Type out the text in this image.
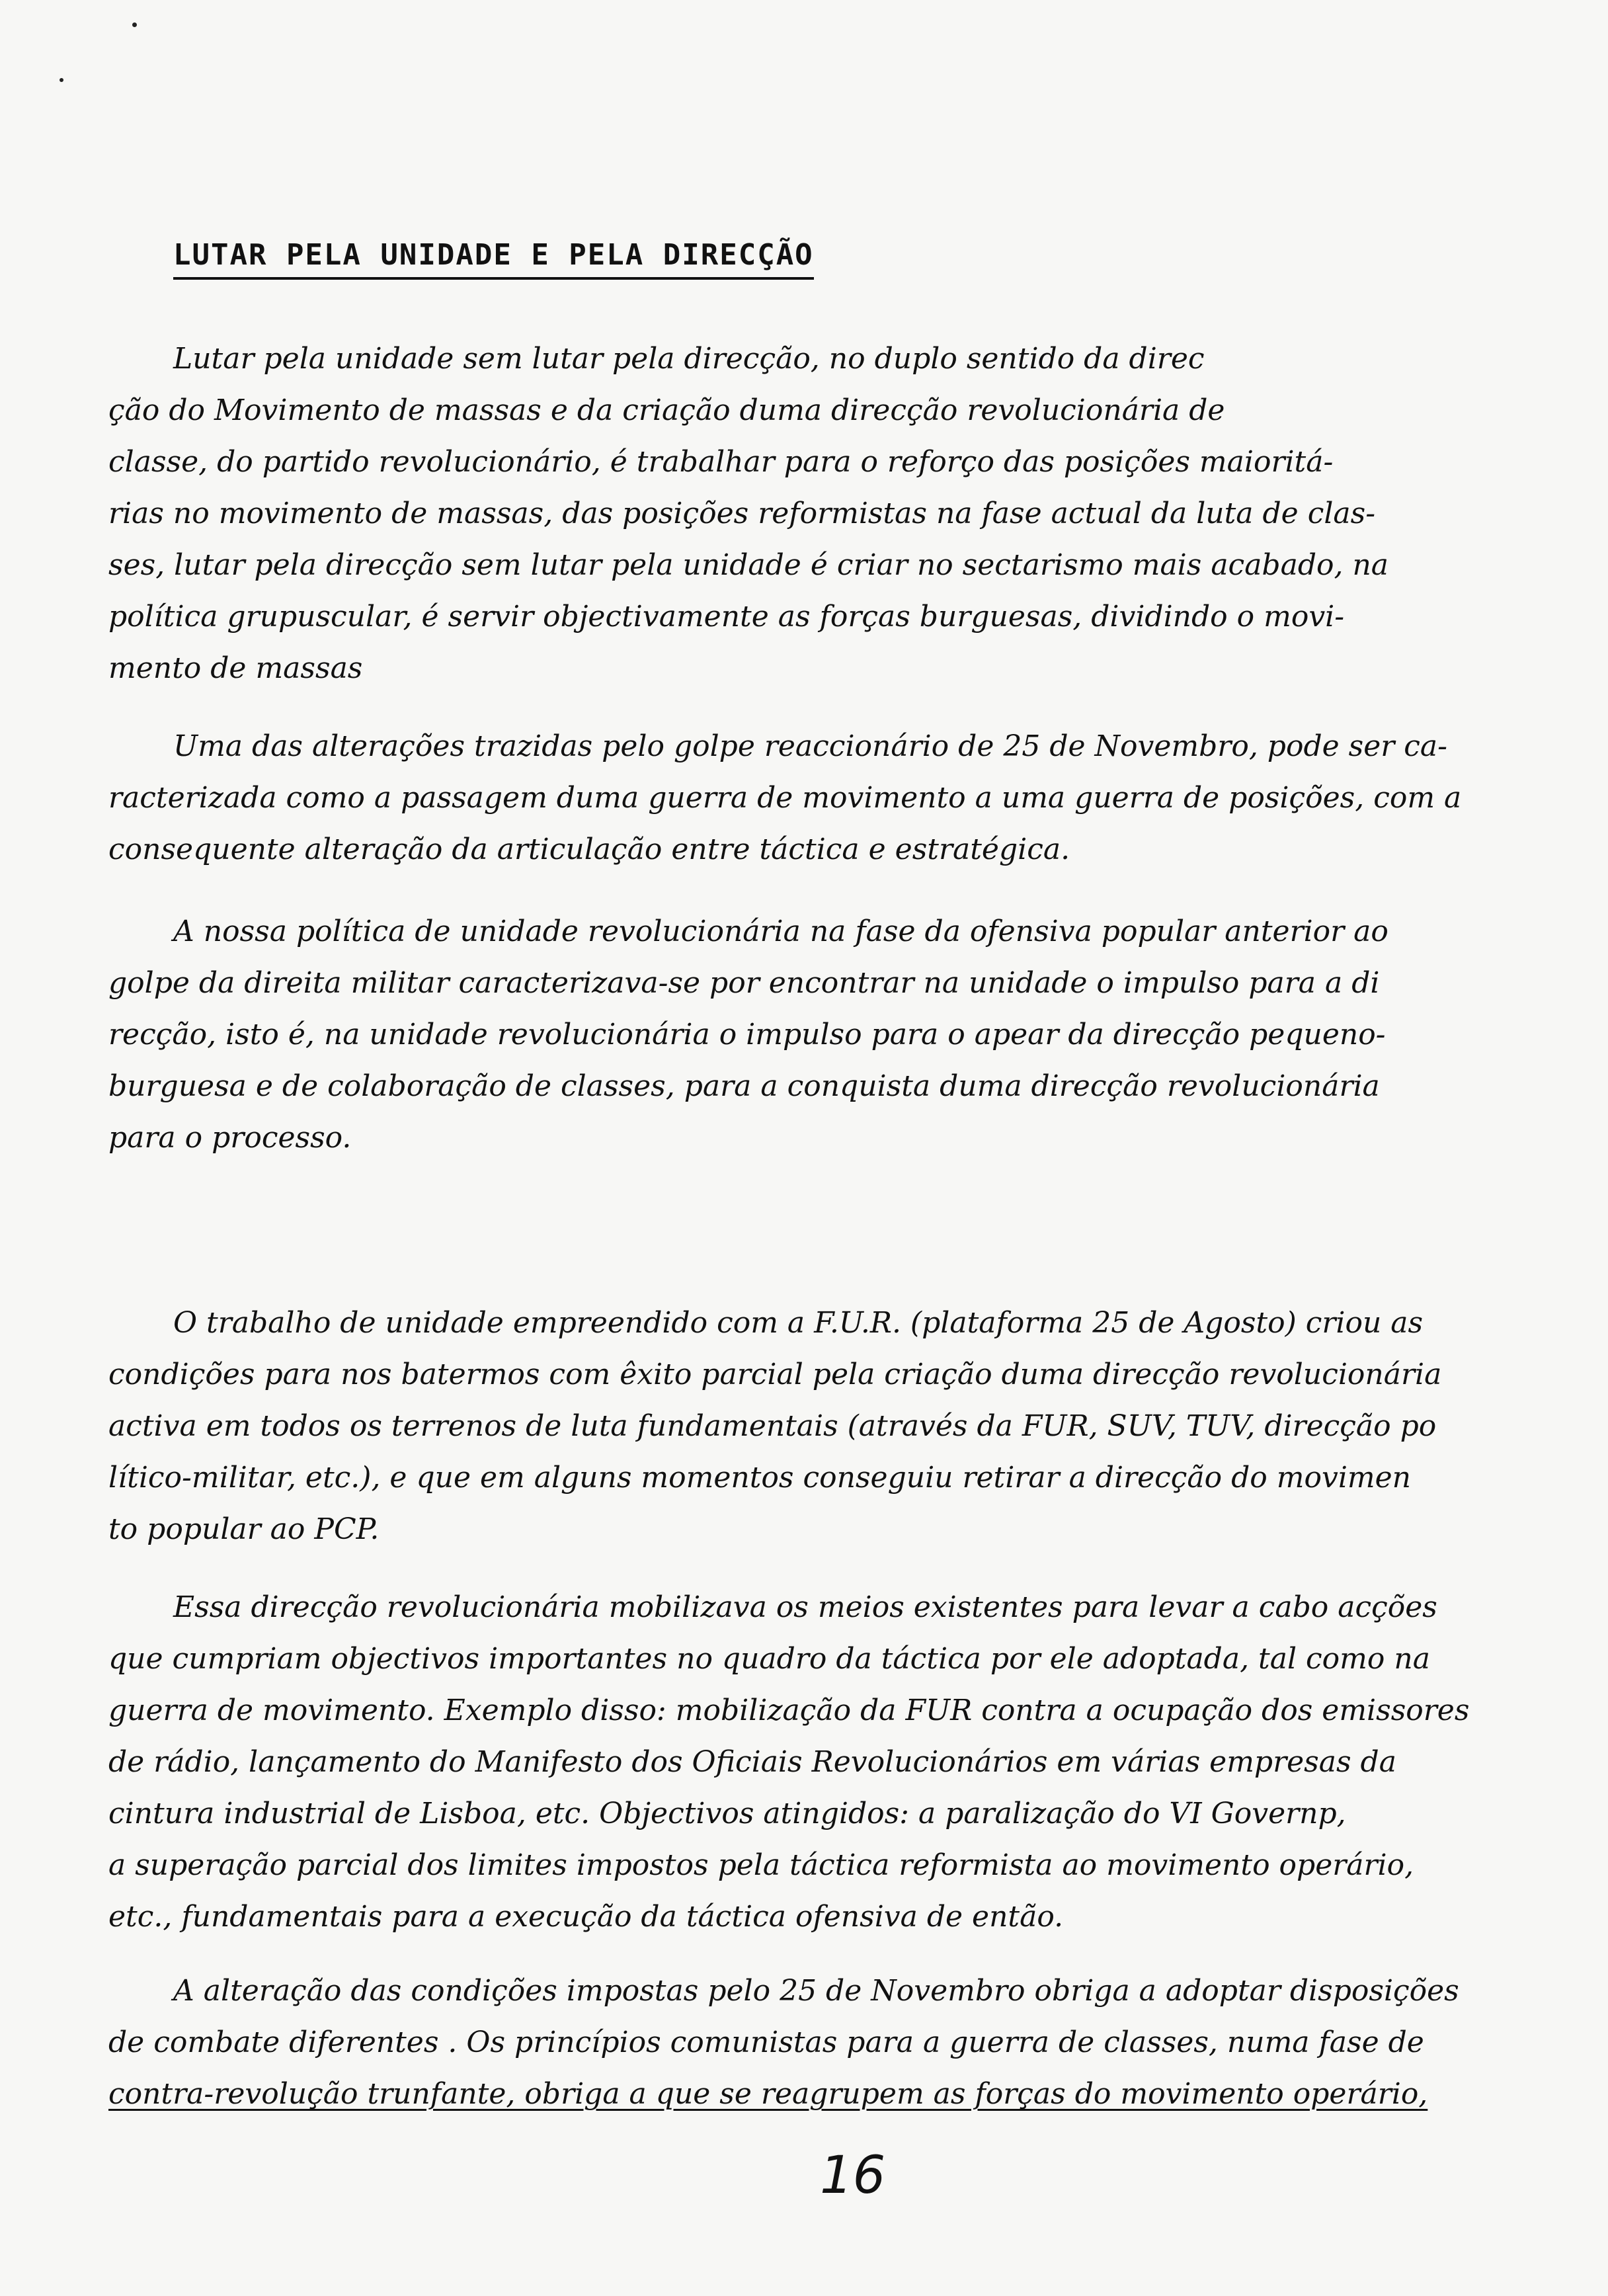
LUTAR PELA UNIDADE E PELA DIRECÇÃO

Lutar pela unidade sem lutar pela direcção, no duplo sentido da direc
ção do Movimento de massas e da criação duma direcção revolucionária de
classe, do partido revolucionário, é trabalhar para o reforço das posições maioritá-
rias no movimento de massas, das posições reformistas na fase actual da luta de clas-
ses, lutar pela direcção sem lutar pela unidade é criar no sectarismo mais acabado, na
política grupuscular, é servir objectivamente as forças burguesas, dividindo o movi-
mento de massas

Uma das alterações trazidas pelo golpe reaccionário de 25 de Novembro, pode ser ca-
racterizada como a passagem duma guerra de movimento a uma guerra de posições, com a
consequente alteração da articulação entre táctica e estratégica.

A nossa política de unidade revolucionária na fase da ofensiva popular anterior ao
golpe da direita militar caracterizava-se por encontrar na unidade o impulso para a di
recção, isto é, na unidade revolucionária o impulso para o apear da direcção pequeno-
burguesa e de colaboração de classes, para a conquista duma direcção revolucionária
para o processo.

O trabalho de unidade empreendido com a F.U.R. (plataforma 25 de Agosto) criou as
condições para nos batermos com êxito parcial pela criação duma direcção revolucionária
activa em todos os terrenos de luta fundamentais (através da FUR, SUV, TUV, direcção po
lítico-militar, etc.), e que em alguns momentos conseguiu retirar a direcção do movimen
to popular ao PCP.

Essa direcção revolucionária mobilizava os meios existentes para levar a cabo acções
que cumpriam objectivos importantes no quadro da táctica por ele adoptada, tal como na
guerra de movimento. Exemplo disso: mobilização da FUR contra a ocupação dos emissores
de rádio, lançamento do Manifesto dos Oficiais Revolucionários em várias empresas da
cintura industrial de Lisboa, etc. Objectivos atingidos: a paralização do VI Governp,
a superação parcial dos limites impostos pela táctica reformista ao movimento operário,
etc., fundamentais para a execução da táctica ofensiva de então.

A alteração das condições impostas pelo 25 de Novembro obriga a adoptar disposições
de combate diferentes . Os princípios comunistas para a guerra de classes, numa fase de
contra-revolução trunfante, obriga a que se reagrupem as forças do movimento operário,

16
